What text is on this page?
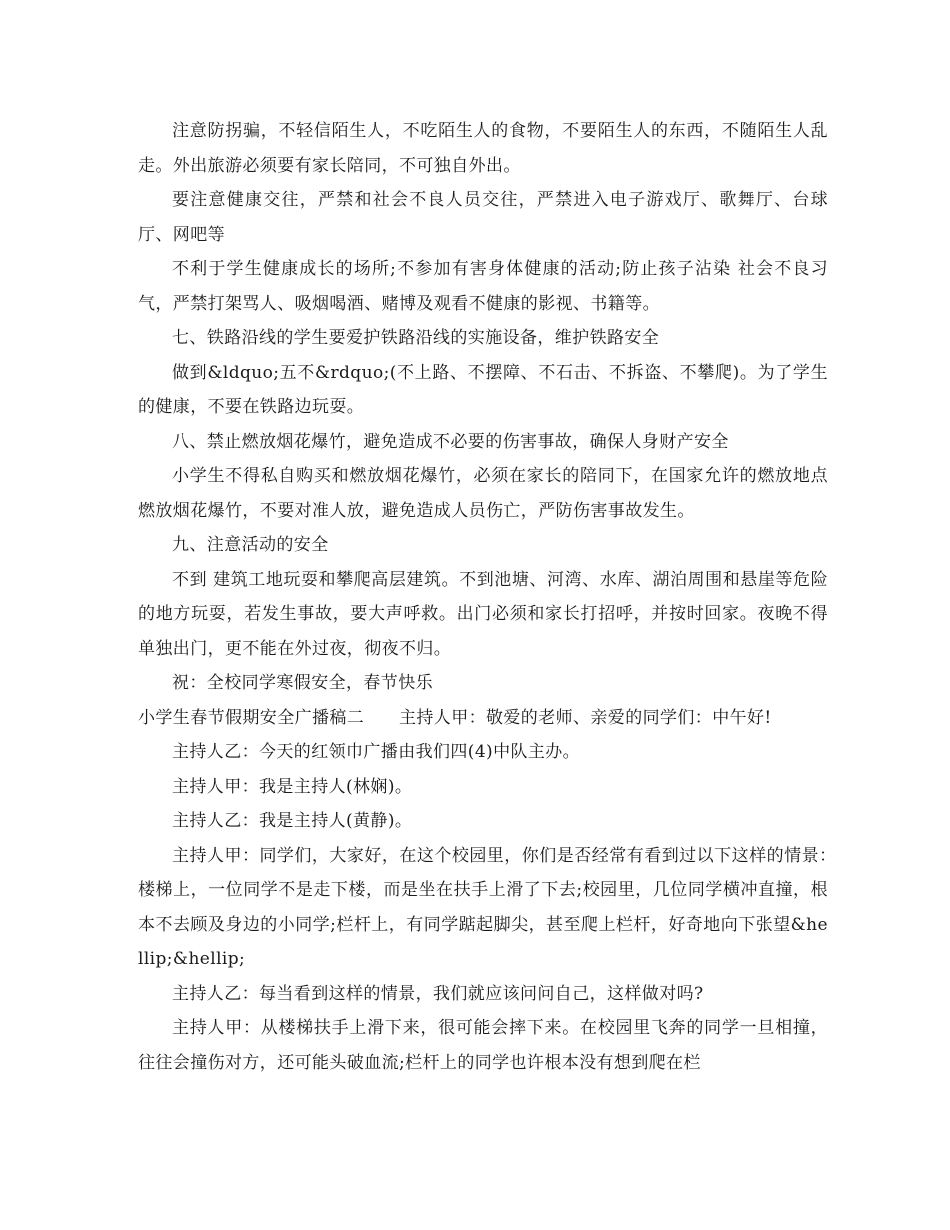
注意防拐骗，不轻信陌生人，不吃陌生人的食物，不要陌生人的东西，不随陌生人乱走。外出旅游必须要有家长陪同，不可独自外出。

要注意健康交往，严禁和社会不良人员交往，严禁进入电子游戏厅、歌舞厅、台球厅、网吧等

不利于学生健康成长的场所;不参加有害身体健康的活动;防止孩子沾染 社会不良习气，严禁打架骂人、吸烟喝酒、赌博及观看不健康的影视、书籍等。

七、铁路沿线的学生要爱护铁路沿线的实施设备，维护铁路安全

做到&ldquo;五不&rdquo;(不上路、不摆障、不石击、不拆盗、不攀爬)。为了学生的健康，不要在铁路边玩耍。

八、禁止燃放烟花爆竹，避免造成不必要的伤害事故，确保人身财产安全

小学生不得私自购买和燃放烟花爆竹，必须在家长的陪同下，在国家允许的燃放地点燃放烟花爆竹，不要对准人放，避免造成人员伤亡，严防伤害事故发生。

九、注意活动的安全

不到 建筑工地玩耍和攀爬高层建筑。不到池塘、河湾、水库、湖泊周围和悬崖等危险的地方玩耍，若发生事故，要大声呼救。出门必须和家长打招呼，并按时回家。夜晚不得单独出门，更不能在外过夜，彻夜不归。

祝：全校同学寒假安全，春节快乐

小学生春节假期安全广播稿二　　主持人甲：敬爱的老师、亲爱的同学们：中午好!

主持人乙：今天的红领巾广播由我们四(4)中队主办。

主持人甲：我是主持人(林娴)。

主持人乙：我是主持人(黄静)。

主持人甲：同学们，大家好，在这个校园里，你们是否经常有看到过以下这样的情景：　楼梯上，一位同学不是走下楼，而是坐在扶手上滑了下去;校园里，几位同学横冲直撞，根本不去顾及身边的小同学;栏杆上，有同学踮起脚尖，甚至爬上栏杆，好奇地向下张望&hellip;&hellip;

主持人乙：每当看到这样的情景，我们就应该问问自己，这样做对吗?

主持人甲：从楼梯扶手上滑下来，很可能会摔下来。在校园里飞奔的同学一旦相撞，往往会撞伤对方，还可能头破血流;栏杆上的同学也许根本没有想到爬在栏
